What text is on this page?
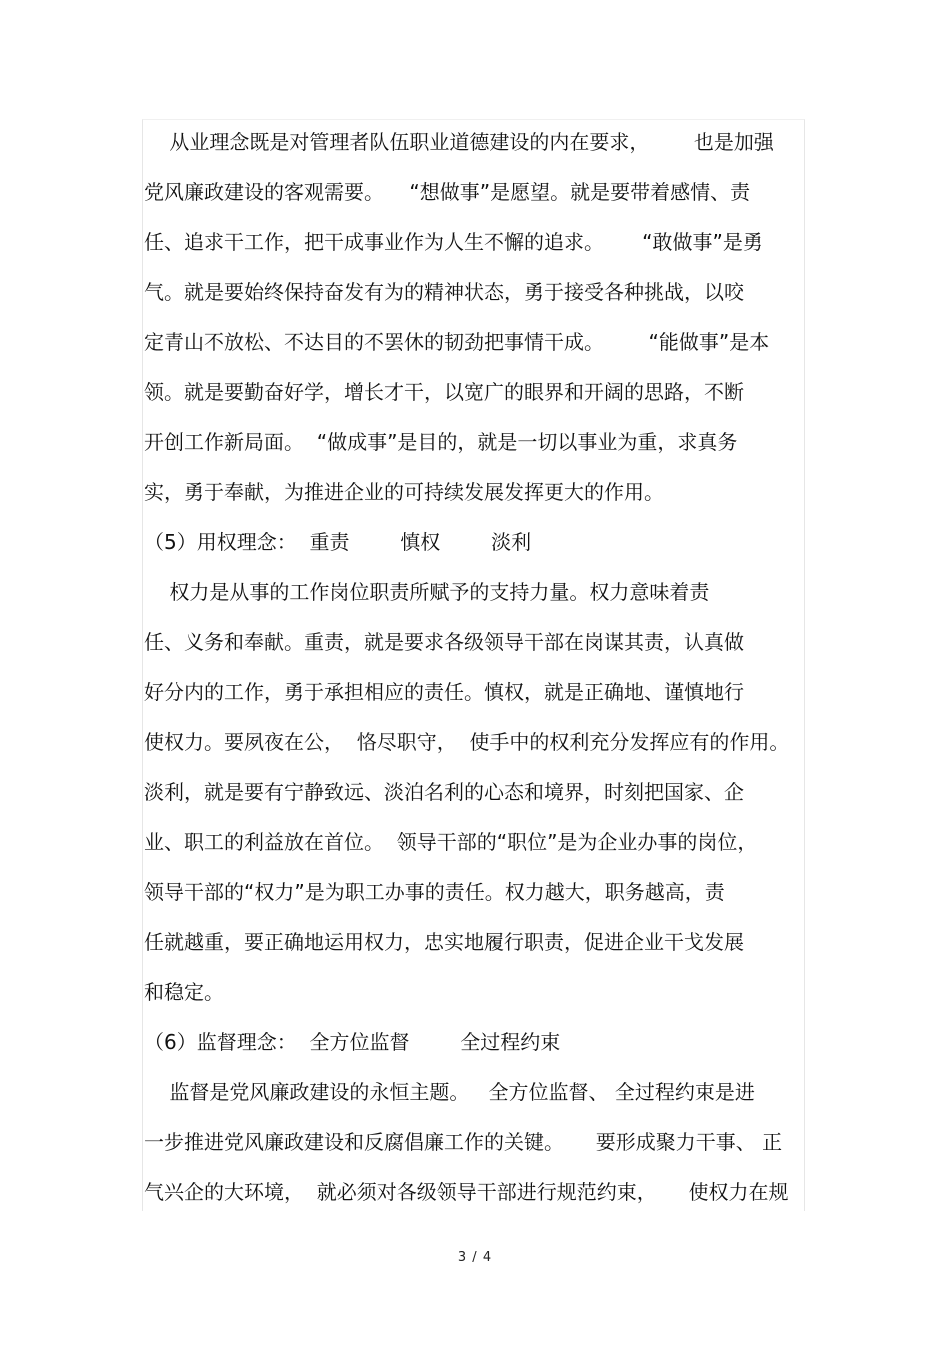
从业理念既是对管理者队伍职业道德建设的内在要求，       也是加强
党风廉政建设的客观需要。    “想做事”是愿望。就是要带着感情、责
任、追求干工作，把干成事业作为人生不懈的追求。      “敢做事”是勇
气。就是要始终保持奋发有为的精神状态，勇于接受各种挑战，以咬
定青山不放松、不达目的不罢休的韧劲把事情干成。       “能做事”是本
领。就是要勤奋好学，增长才干，以宽广的眼界和开阔的思路，不断
开创工作新局面。  “做成事”是目的，就是一切以事业为重，求真务
实，勇于奉献，为推进企业的可持续发展发挥更大的作用。
（5）用权理念：  重责        慎权        淡利
权力是从事的工作岗位职责所赋予的支持力量。权力意味着责
任、义务和奉献。重责，就是要求各级领导干部在岗谋其责，认真做
好分内的工作，勇于承担相应的责任。慎权，就是正确地、谨慎地行
使权力。要夙夜在公，  恪尽职守，  使手中的权利充分发挥应有的作用。
淡利，就是要有宁静致远、淡泊名利的心态和境界，时刻把国家、企
业、职工的利益放在首位。  领导干部的“职位”是为企业办事的岗位，
领导干部的“权力”是为职工办事的责任。权力越大，职务越高，责
任就越重，要正确地运用权力，忠实地履行职责，促进企业干戈发展
和稳定。
（6）监督理念：  全方位监督        全过程约束
监督是党风廉政建设的永恒主题。   全方位监督、 全过程约束是进
一步推进党风廉政建设和反腐倡廉工作的关键。     要形成聚力干事、 正
气兴企的大环境，  就必须对各级领导干部进行规范约束，     使权力在规
3 / 4
